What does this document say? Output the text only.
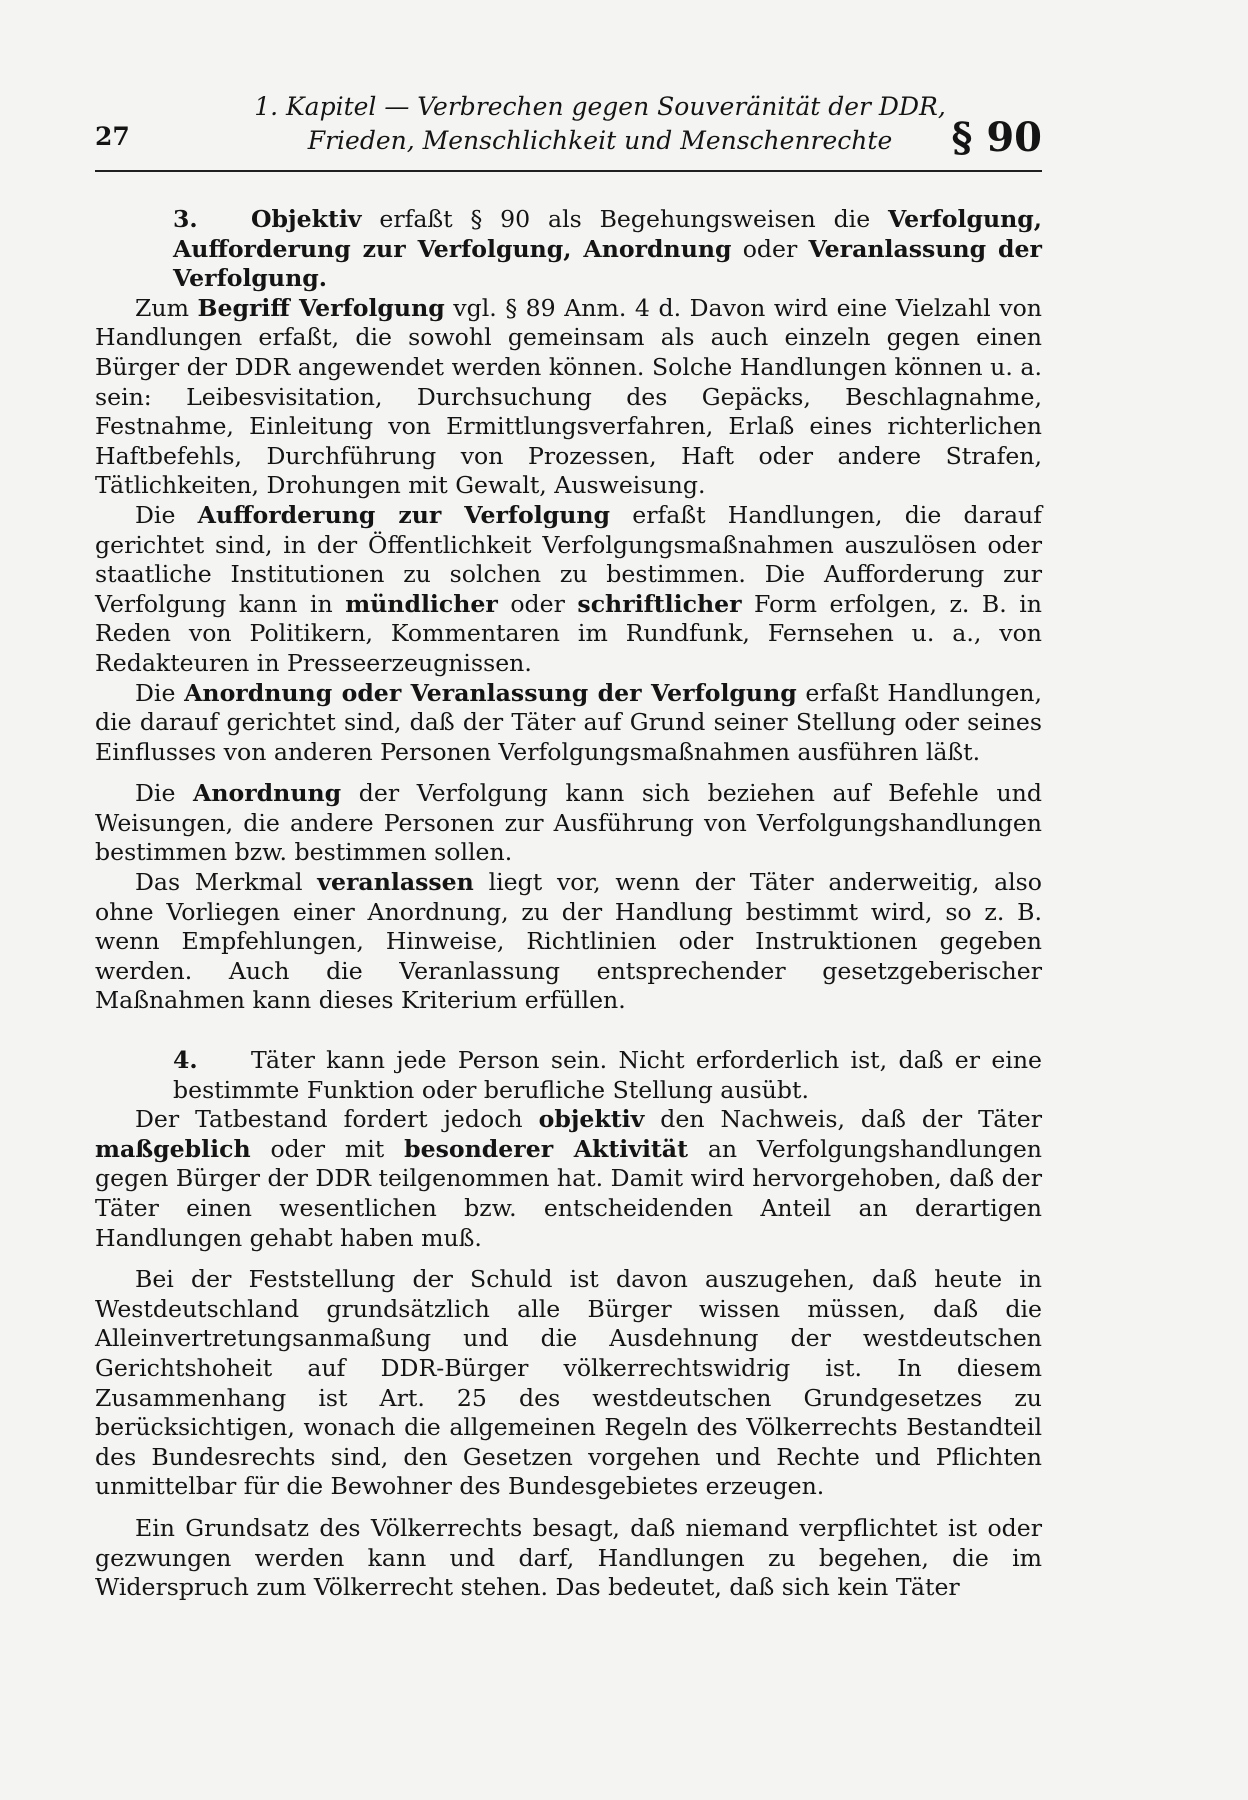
27
1. Kapitel — Verbrechen gegen Souveränität der DDR,
Frieden, Menschlichkeit und Menschenrechte	§ 90

3. Objektiv erfaßt § 90 als Begehungsweisen die Verfolgung, Aufforderung zur Verfolgung, Anordnung oder Veranlassung der Verfolgung.

Zum Begriff Verfolgung vgl. § 89 Anm. 4 d. Davon wird eine Vielzahl von Handlungen erfaßt, die sowohl gemeinsam als auch einzeln gegen einen Bürger der DDR angewendet werden können. Solche Handlungen können u. a. sein: Leibesvisitation, Durchsuchung des Gepäcks, Beschlagnahme, Festnahme, Einleitung von Ermittlungsverfahren, Erlaß eines richterlichen Haftbefehls, Durchführung von Prozessen, Haft oder andere Strafen, Tätlichkeiten, Drohungen mit Gewalt, Ausweisung.

Die Aufforderung zur Verfolgung erfaßt Handlungen, die darauf gerichtet sind, in der Öffentlichkeit Verfolgungsmaßnahmen auszulösen oder staatliche Institutionen zu solchen zu bestimmen. Die Aufforderung zur Verfolgung kann in mündlicher oder schriftlicher Form erfolgen, z. B. in Reden von Politikern, Kommentaren im Rundfunk, Fernsehen u. a., von Redakteuren in Presseerzeugnissen.

Die Anordnung oder Veranlassung der Verfolgung erfaßt Handlungen, die darauf gerichtet sind, daß der Täter auf Grund seiner Stellung oder seines Einflusses von anderen Personen Verfolgungsmaßnahmen ausführen läßt.

Die Anordnung der Verfolgung kann sich beziehen auf Befehle und Weisungen, die andere Personen zur Ausführung von Verfolgungshandlungen bestimmen bzw. bestimmen sollen.

Das Merkmal veranlassen liegt vor, wenn der Täter anderweitig, also ohne Vorliegen einer Anordnung, zu der Handlung bestimmt wird, so z. B. wenn Empfehlungen, Hinweise, Richtlinien oder Instruktionen gegeben werden. Auch die Veranlassung entsprechender gesetzgeberischer Maßnahmen kann dieses Kriterium erfüllen.

4. Täter kann jede Person sein. Nicht erforderlich ist, daß er eine bestimmte Funktion oder berufliche Stellung ausübt.

Der Tatbestand fordert jedoch objektiv den Nachweis, daß der Täter maßgeblich oder mit besonderer Aktivität an Verfolgungshandlungen gegen Bürger der DDR teilgenommen hat. Damit wird hervorgehoben, daß der Täter einen wesentlichen bzw. entscheidenden Anteil an derartigen Handlungen gehabt haben muß.

Bei der Feststellung der Schuld ist davon auszugehen, daß heute in Westdeutschland grundsätzlich alle Bürger wissen müssen, daß die Alleinvertretungsanmaßung und die Ausdehnung der westdeutschen Gerichtshoheit auf DDR-Bürger völkerrechtswidrig ist. In diesem Zusammenhang ist Art. 25 des westdeutschen Grundgesetzes zu berücksichtigen, wonach die allgemeinen Regeln des Völkerrechts Bestandteil des Bundesrechts sind, den Gesetzen vorgehen und Rechte und Pflichten unmittelbar für die Bewohner des Bundesgebietes erzeugen.

Ein Grundsatz des Völkerrechts besagt, daß niemand verpflichtet ist oder gezwungen werden kann und darf, Handlungen zu begehen, die im Widerspruch zum Völkerrecht stehen. Das bedeutet, daß sich kein Täter
